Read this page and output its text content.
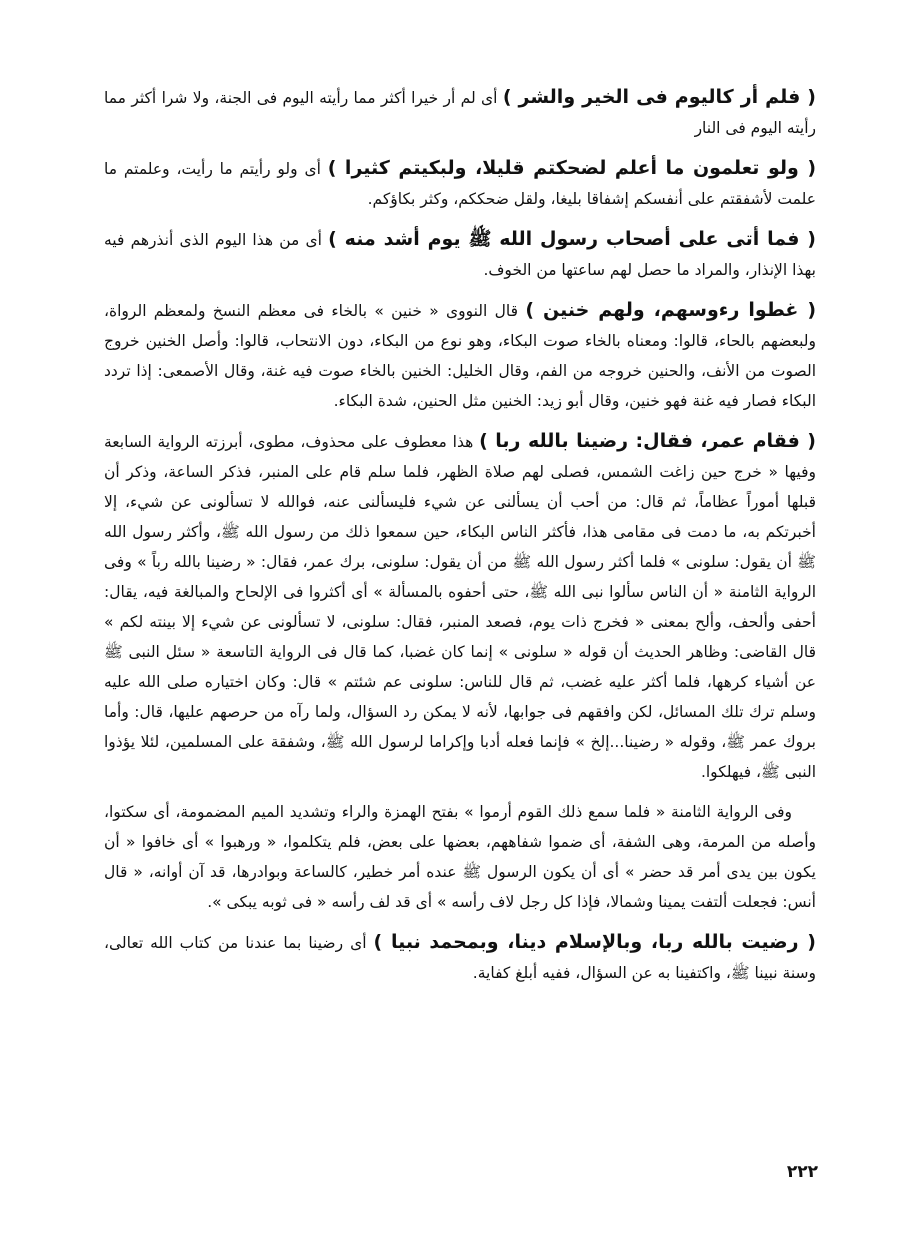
( فلم أر كاليوم فى الخير والشر ) أى لم أر خيرا أكثر مما رأيته اليوم فى الجنة، ولا شرا أكثر مما رأيته اليوم فى النار

( ولو تعلمون ما أعلم لضحكتم قليلا، ولبكيتم كثيرا ) أى ولو رأيتم ما رأيت، وعلمتم ما علمت لأشفقتم على أنفسكم إشفاقا بليغا، ولقل ضحككم، وكثر بكاؤكم.

( فما أتى على أصحاب رسول الله ﷺ يوم أشد منه ) أى من هذا اليوم الذى أنذرهم فيه بهذا الإنذار، والمراد ما حصل لهم ساعتها من الخوف.

( غطوا رءوسهم، ولهم خنين ) قال النووى « خنين » بالخاء فى معظم النسخ ولمعظم الرواة، ولبعضهم بالحاء، قالوا: ومعناه بالخاء صوت البكاء، وهو نوع من البكاء، دون الانتحاب، قالوا: وأصل الخنين خروج الصوت من الأنف، والحنين خروجه من الفم، وقال الخليل: الخنين بالخاء صوت فيه غنة، وقال الأصمعى: إذا تردد البكاء فصار فيه غنة فهو خنين، وقال أبو زيد: الخنين مثل الحنين، شدة البكاء.

( فقام عمر، فقال: رضينا بالله ربا ) هذا معطوف على محذوف، مطوى، أبرزته الرواية السابعة وفيها « خرج حين زاغت الشمس، فصلى لهم صلاة الظهر، فلما سلم قام على المنبر، فذكر الساعة، وذكر أن قبلها أموراً عظاماً، ثم قال: من أحب أن يسألنى عن شيء فليسألنى عنه، فوالله لا تسألونى عن شيء، إلا أخبرتكم به، ما دمت فى مقامى هذا، فأكثر الناس البكاء، حين سمعوا ذلك من رسول الله ﷺ، وأكثر رسول الله ﷺ أن يقول: سلونى » فلما أكثر رسول الله ﷺ من أن يقول: سلونى، برك عمر، فقال: « رضينا بالله رباً » وفى الرواية الثامنة « أن الناس سألوا نبى الله ﷺ، حتى أحفوه بالمسألة » أى أكثروا فى الإلحاح والمبالغة فيه، يقال: أحفى وألحف، وألح بمعنى « فخرج ذات يوم، فصعد المنبر، فقال: سلونى، لا تسألونى عن شيء إلا بينته لكم » قال القاضى: وظاهر الحديث أن قوله « سلونى » إنما كان غضبا، كما قال فى الرواية التاسعة « سئل النبى ﷺ عن أشياء كرهها، فلما أكثر عليه غضب، ثم قال للناس: سلونى عم شئتم » قال: وكان اختياره صلى الله عليه وسلم ترك تلك المسائل، لكن وافقهم فى جوابها، لأنه لا يمكن رد السؤال، ولما رآه من حرصهم عليها، قال: وأما بروك عمر ﷺ، وقوله « رضينا...إلخ » فإنما فعله أدبا وإكراما لرسول الله ﷺ، وشفقة على المسلمين، لئلا يؤذوا النبى ﷺ، فيهلكوا.

وفى الرواية الثامنة « فلما سمع ذلك القوم أرموا » بفتح الهمزة والراء وتشديد الميم المضمومة، أى سكتوا، وأصله من المرمة، وهى الشفة، أى ضموا شفاههم، بعضها على بعض، فلم يتكلموا، « ورهبوا » أى خافوا « أن يكون بين يدى أمر قد حضر » أى أن يكون الرسول ﷺ عنده أمر خطير، كالساعة وبوادرها، قد آن أوانه، « قال أنس: فجعلت ألتفت يمينا وشمالا، فإذا كل رجل لاف رأسه » أى قد لف رأسه « فى ثوبه يبكى ».

( رضيت بالله ربا، وبالإسلام دينا، وبمحمد نبيا ) أى رضينا بما عندنا من كتاب الله تعالى، وسنة نبينا ﷺ، واكتفينا به عن السؤال، ففيه أبلغ كفاية.

٢٢٢
